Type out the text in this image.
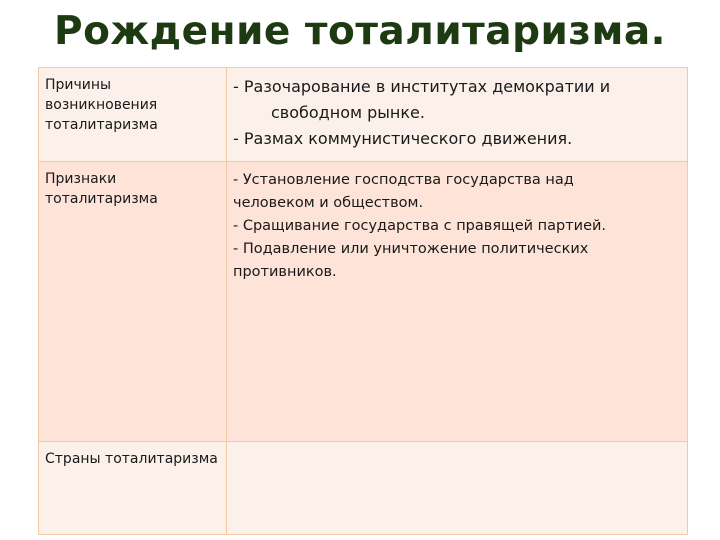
Рождение тоталитаризма.
Причины возникновения тоталитаризма	- Разочарование в институтах демократии и
свободном рынке.
- Размах коммунистического движения.

Признаки тоталитаризма	- Установление господства государства над
человеком и обществом.
- Сращивание государства с правящей партией.
- Подавление или уничтожение политических
противников.

Страны тоталитаризма	
